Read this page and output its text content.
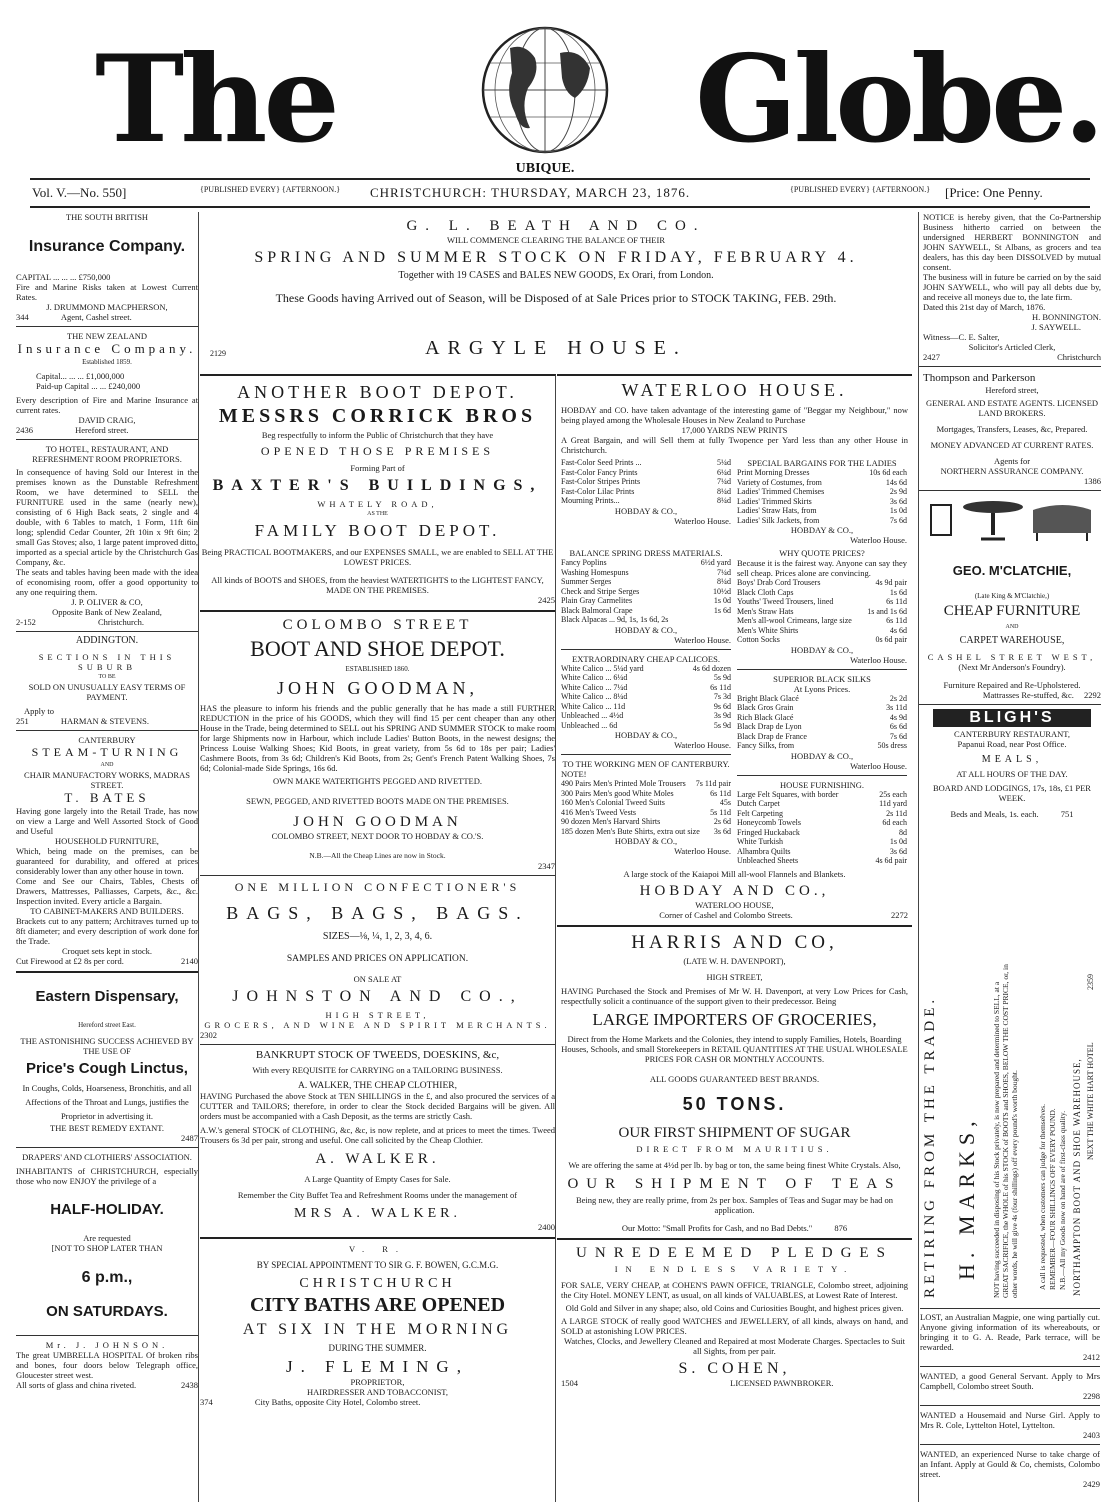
The	UBIQUE. Globe.
Vol. V.—No. 550]	{PUBLISHED EVERY} {AFTERNOON.} CHRISTCHURCH: THURSDAY, MARCH 23, 1876.	{PUBLISHED EVERY} {AFTERNOON.} [Price: One Penny.

THE SOUTH BRITISH

Insurance Company.

CAPITAL ... ... ... £750,000

Fire and Marine Risks taken at Lowest Current Rates.

J. DRUMMOND MACPHERSON,

344	Agent, Cashel street.

THE NEW ZEALAND

Insurance Company.

Established 1859.

Capital... ... ... £1,000,000

Paid-up Capital ... ... £240,000

Every description of Fire and Marine Insurance at current rates.

DAVID CRAIG,

2436	Hereford street.

TO HOTEL, RESTAURANT, AND REFRESHMENT ROOM PROPRIETORS.

In consequence of having Sold our Interest in the premises known as the Dunstable Refreshment Room, we have determined to SELL the FURNITURE used in the same (nearly new), consisting of 6 High Back seats, 2 single and 4 double, with 6 Tables to match, 1 Form, 11ft 6in long; splendid Cedar Counter, 2ft 10in x 9ft 6in; 2 small Gas Stoves; also, 1 large patent improved ditto, imported as a special article by the Christchurch Gas Company, &c.

The seats and tables having been made with the idea of economising room, offer a good opportunity to any one requiring them.

J. P. OLIVER & CO,

Opposite Bank of New Zealand,

2-152	Christchurch.

ADDINGTON.

SECTIONS IN THIS SUBURB

TO BE

SOLD ON UNUSUALLY EASY TERMS OF PAYMENT.

Apply to

251	HARMAN & STEVENS.

CANTERBURY

STEAM-TURNING

AND

CHAIR MANUFACTORY WORKS, MADRAS STREET.

T. BATES

Having gone largely into the Retail Trade, has now on view a Large and Well Assorted Stock of Good and Useful

HOUSEHOLD FURNITURE,

Which, being made on the premises, can be guaranteed for durability, and offered at prices considerably lower than any other house in town.

Come and See our Chairs, Tables, Chests of Drawers, Mattresses, Palliasses, Carpets, &c., &c. Inspection invited. Every article a Bargain.

TO CABINET-MAKERS AND BUILDERS.

Brackets cut to any pattern; Architraves turned up to 8ft diameter; and every description of work done for the Trade.

Croquet sets kept in stock.

Cut Firewood at £2 8s per cord.	2140

Eastern Dispensary,

Hereford street East.

THE ASTONISHING SUCCESS ACHIEVED BY THE USE OF

Price's Cough Linctus,

In Coughs, Colds, Hoarseness, Bronchitis, and all Affections of the Throat and Lungs, justifies the Proprietor in advertising it.

THE BEST REMEDY EXTANT.

2487

DRAPERS' AND CLOTHIERS' ASSOCIATION.

INHABITANTS of CHRISTCHURCH, especially those who now ENJOY the privilege of a

HALF-HOLIDAY.

Are requested

[NOT TO SHOP LATER THAN

6 p.m.,

ON SATURDAYS.

Mr. J. JOHNSON.

The great UMBRELLA HOSPITAL Of broken ribs and bones, four doors below Telegraph office, Gloucester street west.

All sorts of glass and china riveted.	2438

G. L. BEATH AND CO.

WILL COMMENCE CLEARING THE BALANCE OF THEIR

SPRING AND SUMMER STOCK ON FRIDAY, FEBRUARY 4.

Together with 19 CASES and BALES NEW GOODS, Ex Orari, from London.

These Goods having Arrived out of Season, will be Disposed of at Sale Prices prior to STOCK TAKING, FEB. 29th.

2129	ARGYLE HOUSE.

ANOTHER BOOT DEPOT.

MESSRS CORRICK BROS

Beg respectfully to inform the Public of Christchurch that they have

OPENED THOSE PREMISES

Forming Part of

BAXTER'S BUILDINGS,

WHATELY ROAD,

AS THE

FAMILY BOOT DEPOT.

Being PRACTICAL BOOTMAKERS, and our EXPENSES SMALL, we are enabled to SELL AT THE LOWEST PRICES.

All kinds of BOOTS and SHOES, from the heaviest WATERTIGHTS to the LIGHTEST FANCY, MADE ON THE PREMISES.

2425

COLOMBO STREET

BOOT AND SHOE DEPOT.

ESTABLISHED 1860.

JOHN GOODMAN,

HAS the pleasure to inform his friends and the public generally that he has made a still FURTHER REDUCTION in the price of his GOODS, which they will find 15 per cent cheaper than any other House in the Trade, being determined to SELL out his SPRING AND SUMMER STOCK to make room for large Shipments now in Harbour, which include Ladies' Button Boots, in the newest designs; the Princess Louise Walking Shoes; Kid Boots, in great variety, from 5s 6d to 18s per pair; Ladies' Cashmere Boots, from 3s 6d; Children's Kid Boots, from 2s; Gent's French Patent Walking Shoes, 7s 6d; Colonial-made Side Springs, 16s 6d.

OWN MAKE WATERTIGHTS PEGGED AND RIVETTED.

SEWN, PEGGED, AND RIVETTED BOOTS MADE ON THE PREMISES.

JOHN GOODMAN

COLOMBO STREET, NEXT DOOR TO HOBDAY & CO.'S.

N.B.—All the Cheap Lines are now in Stock.

2347

ONE MILLION CONFECTIONER'S

BAGS, BAGS, BAGS.

SIZES—⅛, ¼, 1, 2, 3, 4, 6.

SAMPLES AND PRICES ON APPLICATION.

ON SALE AT

JOHNSTON AND CO.,

HIGH STREET,

GROCERS, AND WINE AND SPIRIT MERCHANTS.

2302

BANKRUPT STOCK OF TWEEDS, DOESKINS, &c,

With every REQUISITE for CARRYING on a TAILORING BUSINESS.

A. WALKER, THE CHEAP CLOTHIER,

HAVING Purchased the above Stock at TEN SHILLINGS in the £, and also procured the services of a CUTTER and TAILORS; therefore, in order to clear the Stock decided Bargains will be given. All orders must be accompanied with a Cash Deposit, as the terms are strictly Cash.

A.W.'s general STOCK of CLOTHING, &c, &c, is now replete, and at prices to meet the times. Tweed Trousers 6s 3d per pair, strong and useful. One call solicited by the Cheap Clothier.

A. WALKER.

A Large Quantity of Empty Cases for Sale.

Remember the City Buffet Tea and Refreshment Rooms under the management of

MRS A. WALKER.

2400

V. R.

BY SPECIAL APPOINTMENT TO SIR G. F. BOWEN, G.C.M.G.

CHRISTCHURCH

CITY BATHS ARE OPENED

AT SIX IN THE MORNING

DURING THE SUMMER.

J. FLEMING,

PROPRIETOR,

HAIRDRESSER AND TOBACCONIST,

374	City Baths, opposite City Hotel, Colombo street.

WATERLOO HOUSE.

HOBDAY and CO. have taken advantage of the interesting game of "Beggar my Neighbour," now being played among the Wholesale Houses in New Zealand to Purchase

17,000 YARDS NEW PRINTS

A Great Bargain, and will Sell them at fully Twopence per Yard less than any other House in Christchurch.

Fast-Color Seed Prints ...	5¼d
Fast-Color Fancy Prints	6¼d
Fast-Color Stripes Prints	7¼d
Fast-Color Lilac Prints	8¼d
Mourning Prints...	8¼d

HOBDAY & CO.,

Waterloo House.

SPECIAL BARGAINS FOR THE LADIES

Print Morning Dresses	10s 6d each
Variety of Costumes, from	14s 6d
Ladies' Trimmed Chemises	2s 9d
Ladies' Trimmed Skirts	3s 6d
Ladies' Straw Hats, from	1s 0d
Ladies' Silk Jackets, from	7s 6d

HOBDAY & CO.,

Waterloo House.

BALANCE SPRING DRESS MATERIALS.

Fancy Poplins	6½d yard
Washing Homespuns	7¼d
Summer Serges	8¼d
Check and Stripe Serges	10½d
Plain Gray Carmelites	1s 0d
Black Balmoral Crape	1s 6d
Black Alpacas ... 9d, 1s, 1s 6d, 2s

HOBDAY & CO.,

Waterloo House.

EXTRAORDINARY CHEAP CALICOES.

White Calico ... 5¼d yard	4s 6d dozen
White Calico ... 6¼d	5s 9d
White Calico ... 7¼d	6s 11d
White Calico ... 8¼d	7s 3d
White Calico ... 11d	9s 6d
Unbleached ... 4½d	3s 9d
Unbleached ... 6d	5s 9d

HOBDAY & CO.,

Waterloo House.

TO THE WORKING MEN OF CANTERBURY.

NOTE!

490 Pairs Men's Printed Mole Trousers 7s 11d pair
300 Pairs Men's good White Moles	6s 11d
160 Men's Colonial Tweed Suits	45s
416 Men's Tweed Vests	5s 11d
90 dozen Men's Harvard Shirts	2s 6d
185 dozen Men's Bute Shirts, extra out size 3s 6d

HOBDAY & CO.,

Waterloo House.

WHY QUOTE PRICES?

Because it is the fairest way. Anyone can say they sell cheap. Prices alone are convincing.

Boys' Drab Cord Trousers	4s 9d pair
Black Cloth Caps	1s 6d
Youths' Tweed Trousers, lined	6s 11d
Men's Straw Hats	1s and 1s 6d
Men's all-wool Crimeans, large size	6s 11d
Men's White Shirts	4s 6d
Cotton Socks	0s 6d pair

HOBDAY & CO.,

Waterloo House.

SUPERIOR BLACK SILKS

At Lyons Prices.

Bright Black Glacé	2s 2d
Black Gros Grain	3s 11d
Rich Black Glacé	4s 9d
Black Drap de Lyon	6s 6d
Black Drap de France	7s 6d
Fancy Silks, from	50s dress

HOBDAY & CO.,

Waterloo House.

HOUSE FURNISHING.

Large Felt Squares, with border	25s each
Dutch Carpet	11d yard
Felt Carpeting	2s 11d
Honeycomb Towels	6d each
Fringed Huckaback	8d
White Turkish	1s 0d
Alhambra Quilts	3s 6d
Unbleached Sheets	4s 6d pair

A large stock of the Kaiapoi Mill all-wool Flannels and Blankets.

HOBDAY AND CO.,

WATERLOO HOUSE,

Corner of Cashel and Colombo Streets.	2272

HARRIS AND CO,

(LATE W. H. DAVENPORT),

HIGH STREET,

HAVING Purchased the Stock and Premises of Mr W. H. Davenport, at very Low Prices for Cash, respectfully solicit a continuance of the support given to their predecessor. Being

LARGE IMPORTERS OF GROCERIES,

Direct from the Home Markets and the Colonies, they intend to supply Families, Hotels, Boarding Houses, Schools, and small Storekeepers in RETAIL QUANTITIES AT THE USUAL WHOLESALE PRICES FOR CASH OR MONTHLY ACCOUNTS.

ALL GOODS GUARANTEED BEST BRANDS.

50 TONS.

OUR FIRST SHIPMENT OF SUGAR

DIRECT FROM MAURITIUS.

We are offering the same at 4½d per lb. by bag or ton, the same being finest White Crystals. Also,

OUR SHIPMENT OF TEAS

Being new, they are really prime, from 2s per box. Samples of Teas and Sugar may be had on application.

Our Motto: "Small Profits for Cash, and no Bad Debts."	876

UNREDEEMED PLEDGES

IN ENDLESS VARIETY.

FOR SALE, VERY CHEAP, at COHEN'S PAWN OFFICE, TRIANGLE, Colombo street, adjoining the City Hotel. MONEY LENT, as usual, on all kinds of VALUABLES, at Lowest Rate of Interest.

Old Gold and Silver in any shape; also, old Coins and Curiosities Bought, and highest prices given.

A LARGE STOCK of really good WATCHES and JEWELLERY, of all kinds, always on hand, and SOLD at astonishing LOW PRICES.

Watches, Clocks, and Jewellery Cleaned and Repaired at most Moderate Charges. Spectacles to Suit all Sights, from per pair.

S. COHEN,

1504	LICENSED PAWNBROKER.

NOTICE is hereby given, that the Co-Partnership Business hitherto carried on between the undersigned HERBERT BONNINGTON and JOHN SAYWELL, St Albans, as grocers and tea dealers, has this day been DISSOLVED by mutual consent.

The business will in future be carried on by the said JOHN SAYWELL, who will pay all debts due by, and receive all moneys due to, the late firm.

Dated this 21st day of March, 1876.

H. BONNINGTON.

J. SAYWELL.

Witness—C. E. Salter,

Solicitor's Articled Clerk,

2427	Christchurch

Thompson and Parkerson

Hereford street,

GENERAL AND ESTATE AGENTS. LICENSED LAND BROKERS.

Mortgages, Transfers, Leases, &c, Prepared.

MONEY ADVANCED AT CURRENT RATES.

Agents for

NORTHERN ASSURANCE COMPANY.

1386

GEO. M'CLATCHIE,

(Late King & M'Clatchie,)

CHEAP FURNITURE

AND

CARPET WAREHOUSE,

CASHEL STREET WEST,

(Next Mr Anderson's Foundry).

Furniture Repaired and Re-Upholstered.

Mattrasses Re-stuffed, &c. 2292

BLIGH'S

CANTERBURY RESTAURANT,

Papanui Road, near Post Office.

MEALS,

AT ALL HOURS OF THE DAY.

BOARD AND LODGINGS, 17s, 18s, £1 PER WEEK.

Beds and Meals, 1s. each.	751

RETIRING FROM THE TRADE. H. MARKS, NOT having succeeded in disposing of his Stock privately, is now prepared and determined to SELL, at a GREAT SACRIFICE, the WHOLE of his STOCK of BOOTS and SHOES, BELOW THE COST PRICE, or, in other words, he will give 4s (four shillings) off every pound's worth bought.	A call is requested, when customers can judge for themselves. REMEMBER—FOUR SHILLINGS OFF EVERY POUND. N.B.—All my Goods now on hand are of first-class quality. NORTHAMPTON BOOT AND SHOE WAREHOUSE, NEXT THE WHITE HART HOTEL
2359

LOST, an Australian Magpie, one wing partially cut. Anyone giving information of its whereabouts, or bringing it to G. A. Reade, Park terrace, will be rewarded.

2412

WANTED, a good General Servant. Apply to Mrs Campbell, Colombo street South.

2298

WANTED a Housemaid and Nurse Girl. Apply to Mrs R. Cole, Lyttelton Hotel, Lyttelton.

2403

WANTED, an experienced Nurse to take charge of an Infant. Apply at Gould & Co, chemists, Colombo street.

2429
